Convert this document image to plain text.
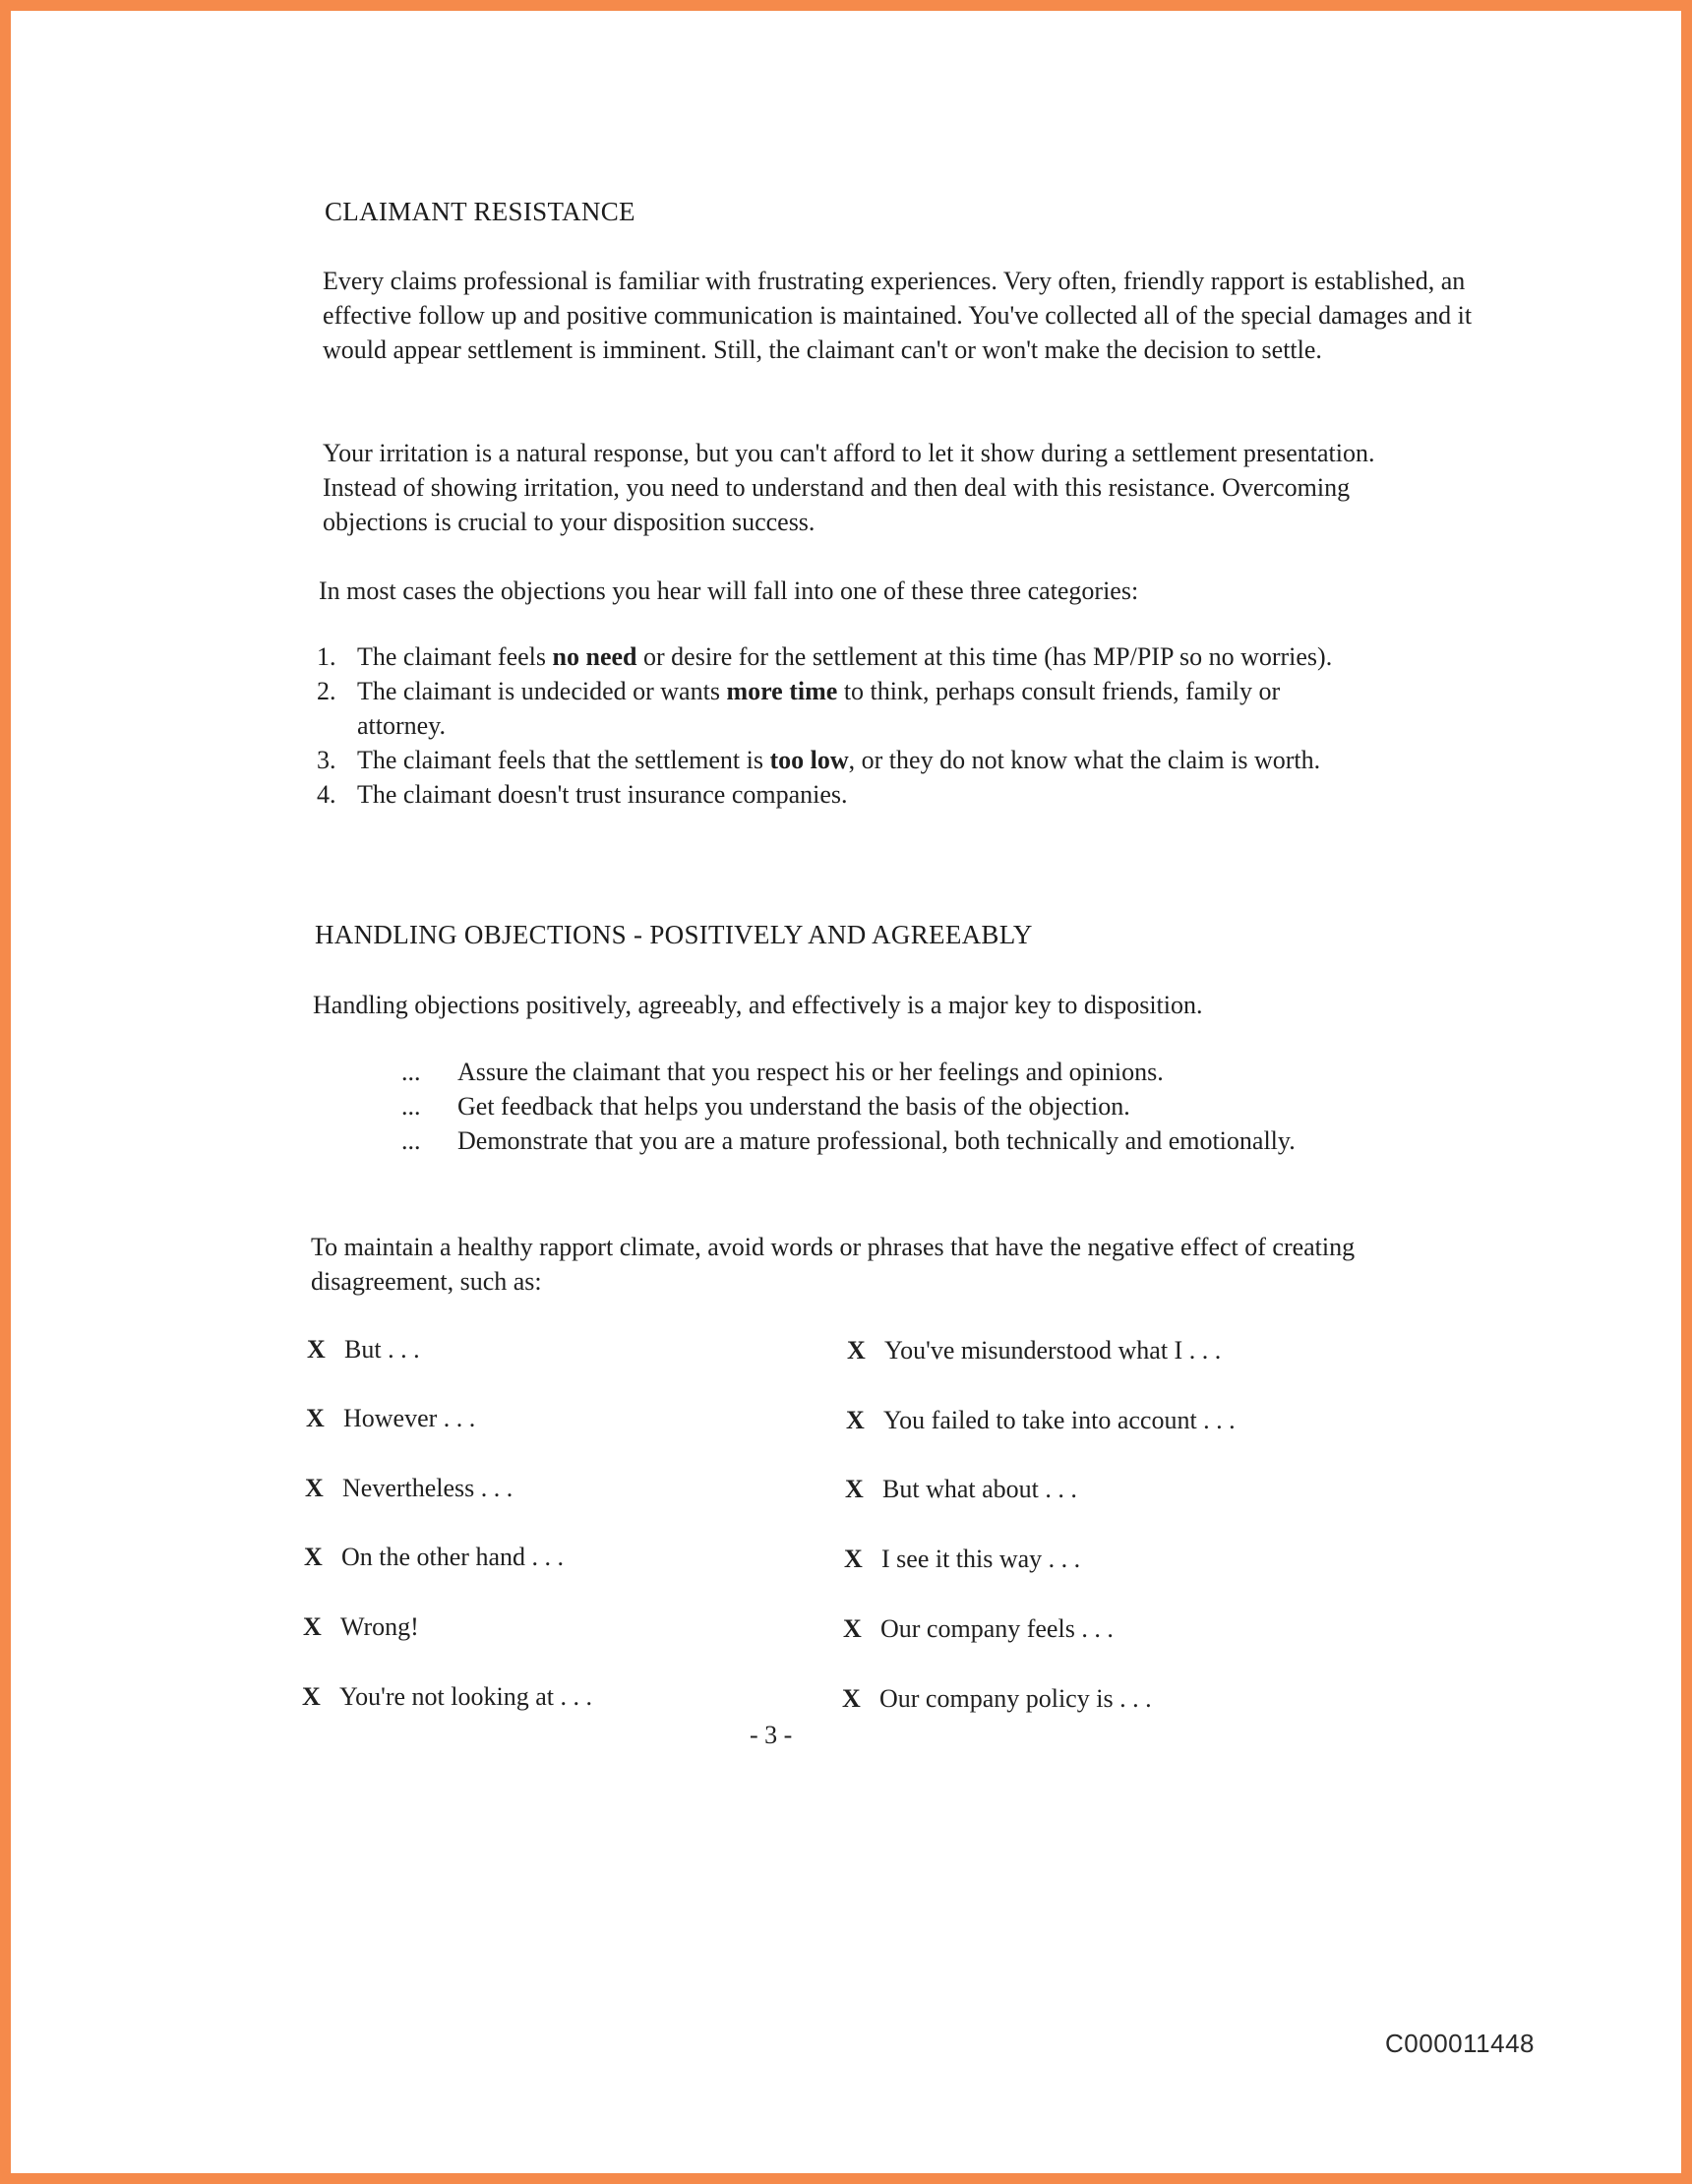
CLAIMANT RESISTANCE

Every claims professional is familiar with frustrating experiences. Very often, friendly rapport is established, an effective follow up and positive communication is maintained. You've collected all of the special damages and it would appear settlement is imminent. Still, the claimant can't or won't make the decision to settle.

Your irritation is a natural response, but you can't afford to let it show during a settlement presentation. Instead of showing irritation, you need to understand and then deal with this resistance. Overcoming objections is crucial to your disposition success.

In most cases the objections you hear will fall into one of these three categories:

1. The claimant feels no need or desire for the settlement at this time (has MP/PIP so no worries).
2. The claimant is undecided or wants more time to think, perhaps consult friends, family or attorney.
3. The claimant feels that the settlement is too low, or they do not know what the claim is worth.
4. The claimant doesn't trust insurance companies.
HANDLING OBJECTIONS - POSITIVELY AND AGREEABLY

Handling objections positively, agreeably, and effectively is a major key to disposition.

... Assure the claimant that you respect his or her feelings and opinions.
... Get feedback that helps you understand the basis of the objection.
... Demonstrate that you are a mature professional, both technically and emotionally.

To maintain a healthy rapport climate, avoid words or phrases that have the negative effect of creating disagreement, such as:

X But . . .
X However . . .
X Nevertheless . . .
X On the other hand . . .
X Wrong!
X You're not looking at . . .
X You've misunderstood what I . . .
X You failed to take into account . . .
X But what about . . .
X I see it this way . . .
X Our company feels . . .
X Our company policy is . . .
- 3 -
C000011448
